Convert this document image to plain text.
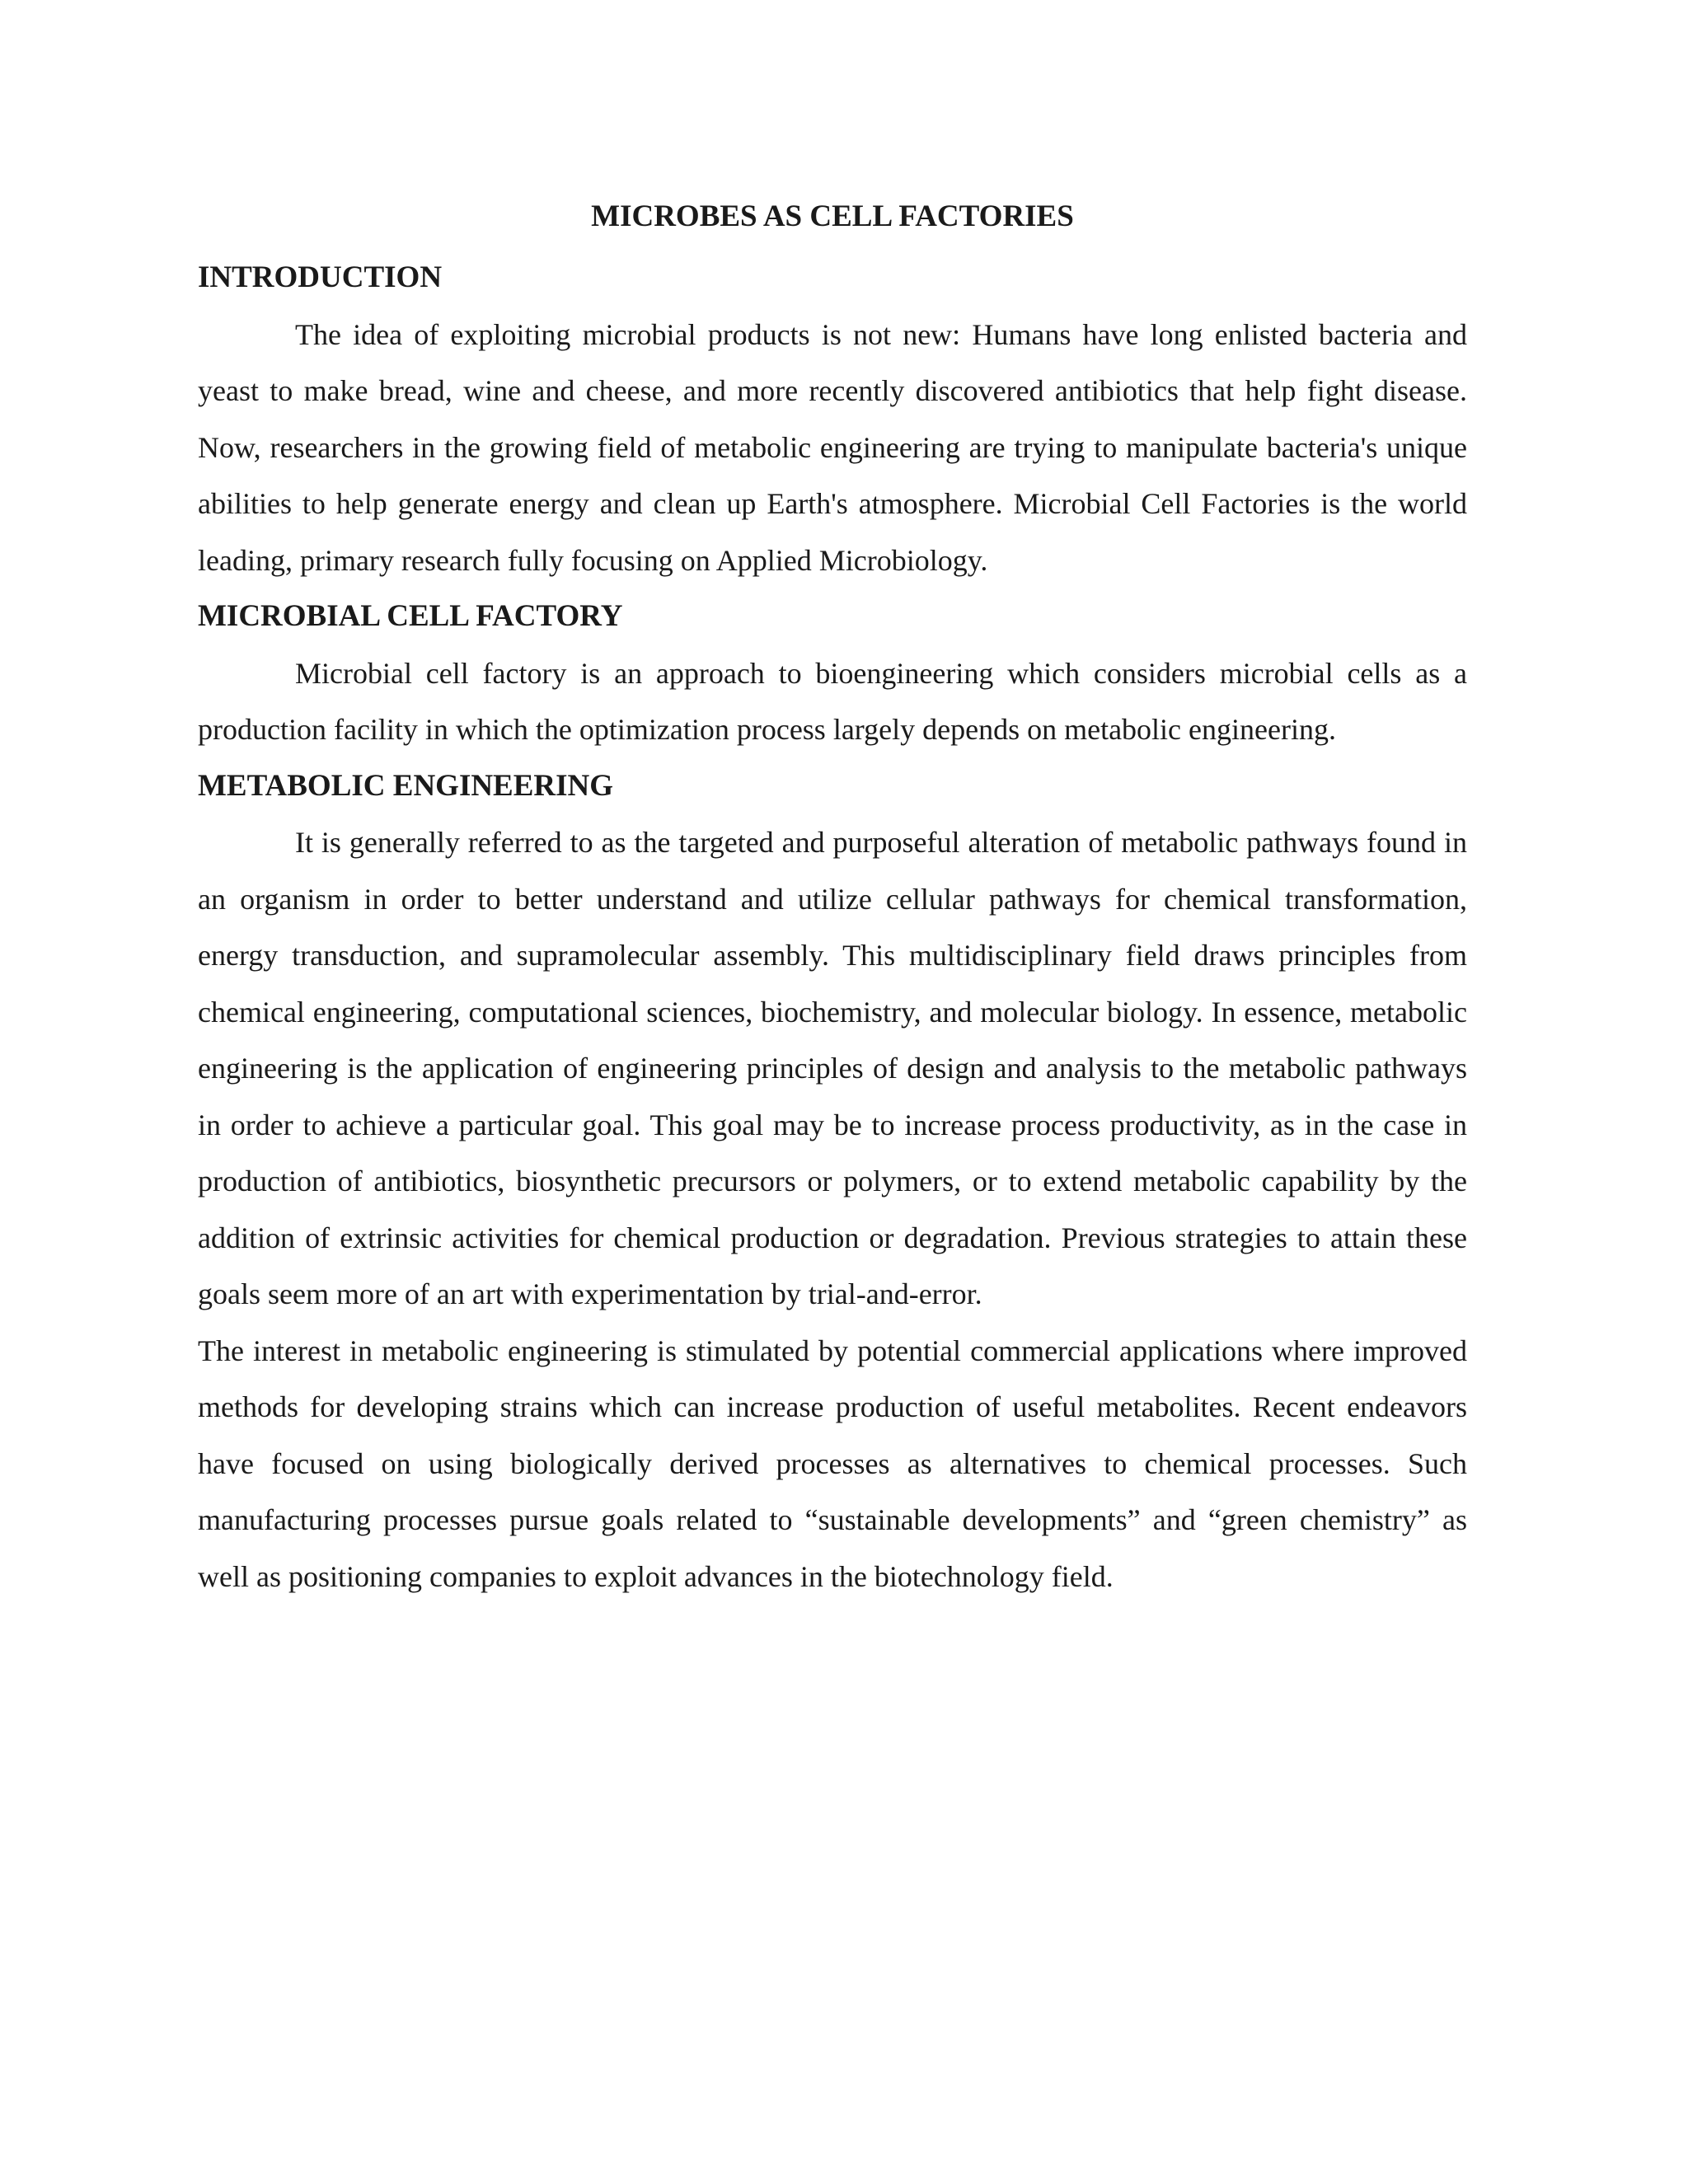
MICROBES AS CELL FACTORIES
INTRODUCTION

The idea of exploiting microbial products is not new: Humans have long enlisted bacteria and yeast to make bread, wine and cheese, and more recently discovered antibiotics that help fight disease. Now, researchers in the growing field of metabolic engineering are trying to manipulate bacteria's unique abilities to help generate energy and clean up Earth's atmosphere. Microbial Cell Factories is the world leading, primary research fully focusing on Applied Microbiology.

MICROBIAL CELL FACTORY

Microbial cell factory is an approach to bioengineering which considers microbial cells as a production facility in which the optimization process largely depends on metabolic engineering.

METABOLIC ENGINEERING

It is generally referred to as the targeted and purposeful alteration of metabolic pathways found in an organism in order to better understand and utilize cellular pathways for chemical transformation, energy transduction, and supramolecular assembly. This multidisciplinary field draws principles from chemical engineering, computational sciences, biochemistry, and molecular biology. In essence, metabolic engineering is the application of engineering principles of design and analysis to the metabolic pathways in order to achieve a particular goal. This goal may be to increase process productivity, as in the case in production of antibiotics, biosynthetic precursors or polymers, or to extend metabolic capability by the addition of extrinsic activities for chemical production or degradation. Previous strategies to attain these goals seem more of an art with experimentation by trial-and-error.

The interest in metabolic engineering is stimulated by potential commercial applications where improved methods for developing strains which can increase production of useful metabolites. Recent endeavors have focused on using biologically derived processes as alternatives to chemical processes. Such manufacturing processes pursue goals related to “sustainable developments” and “green chemistry” as well as positioning companies to exploit advances in the biotechnology field.
